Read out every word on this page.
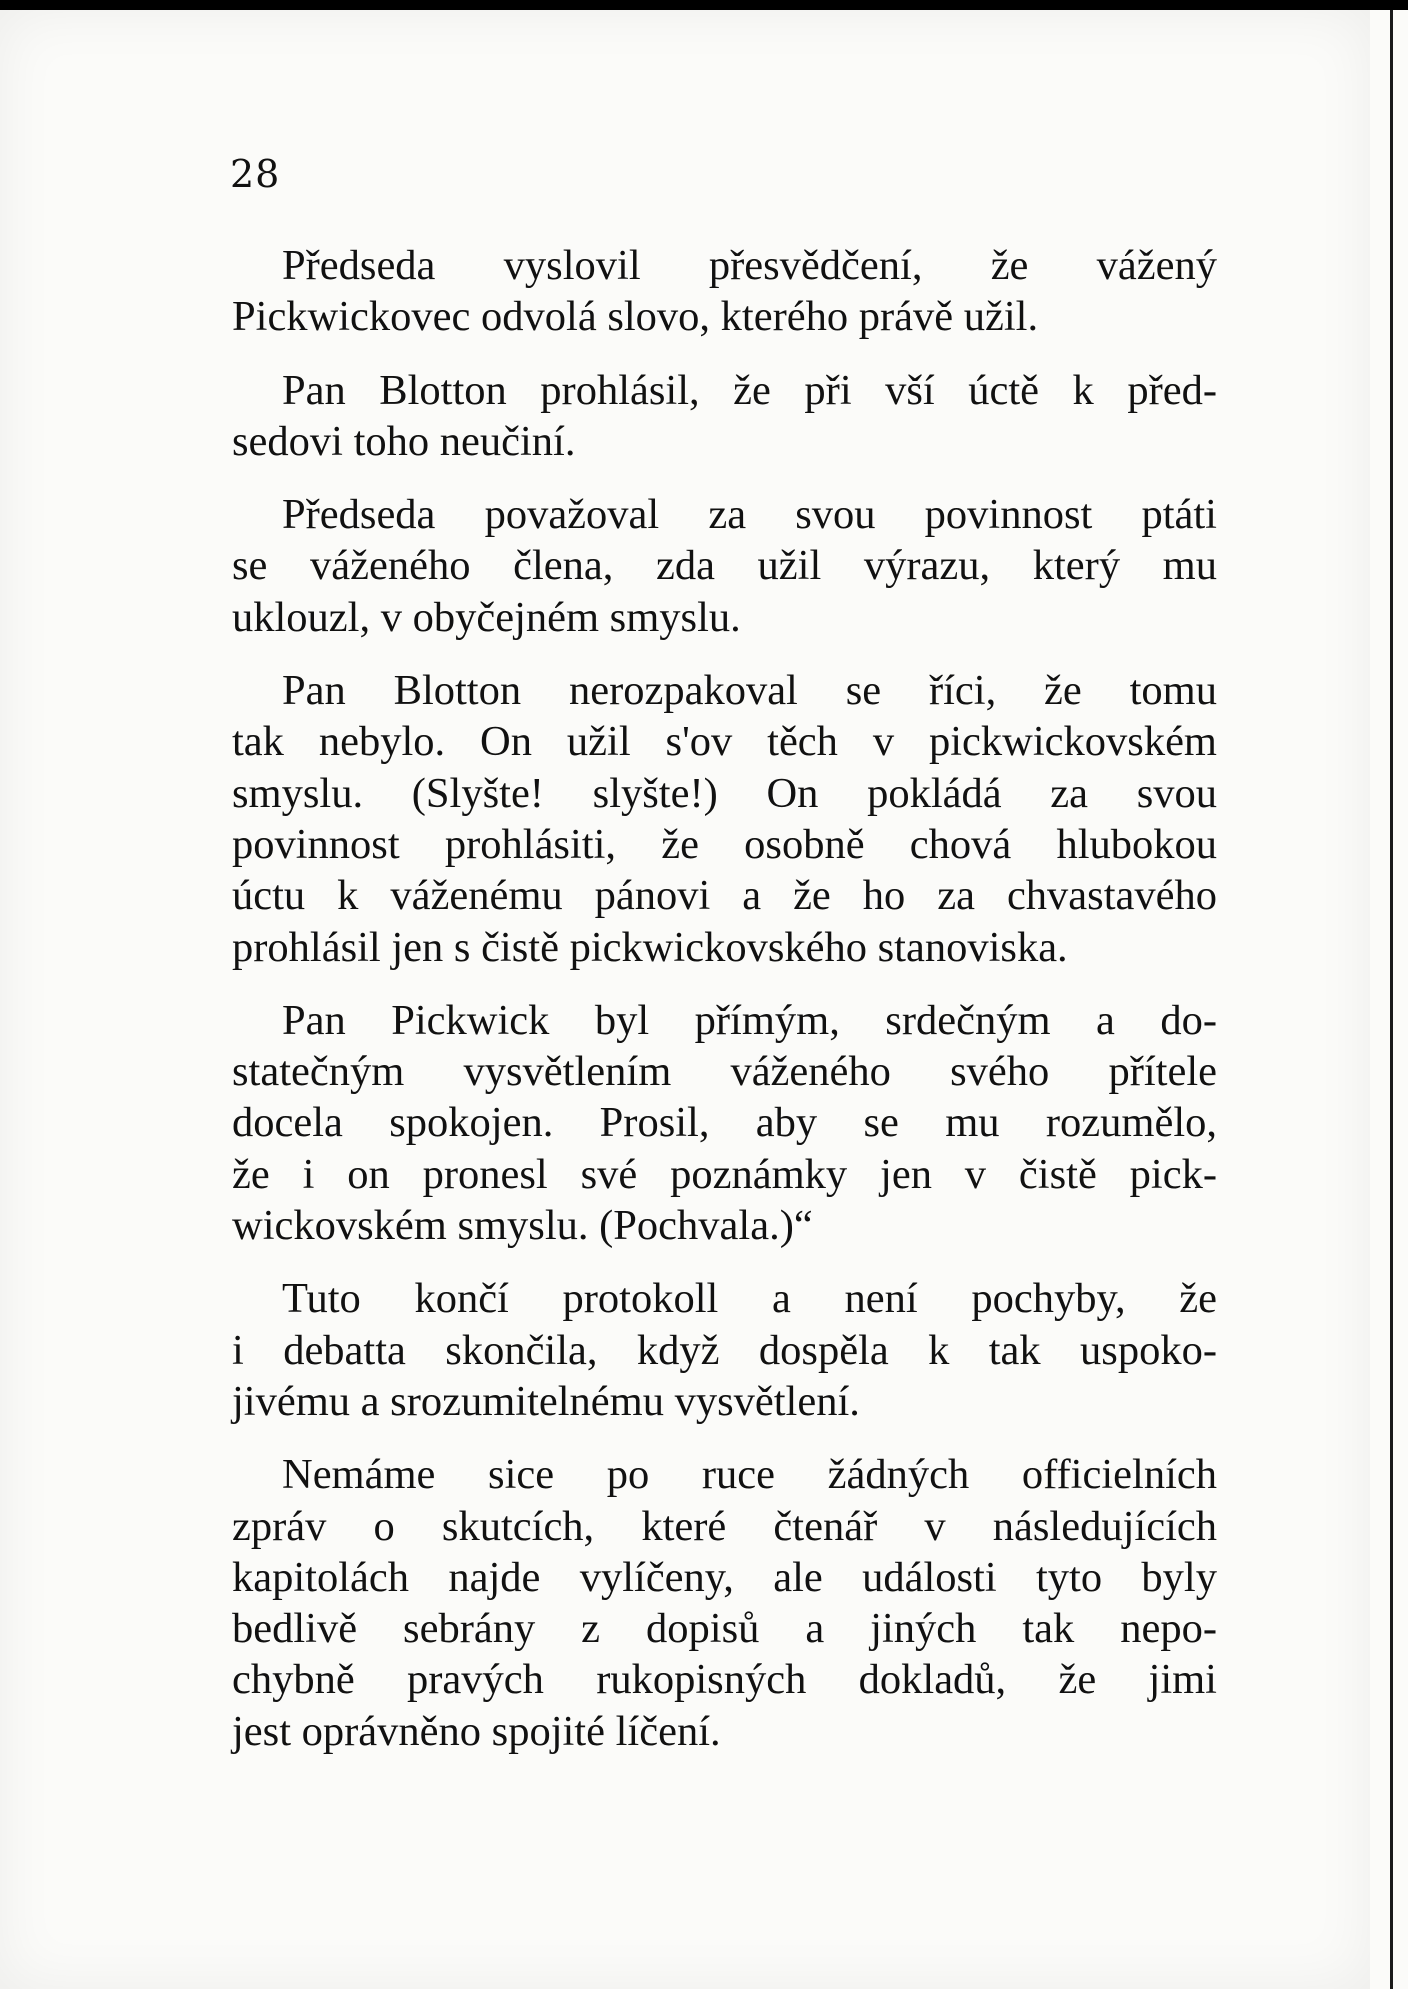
28
Předseda vyslovil přesvědčení, že vážený
Pickwickovec odvolá slovo, kterého právě užil.
Pan Blotton prohlásil, že při vší úctě k před-
sedovi toho neučiní.
Předseda považoval za svou povinnost ptáti
se váženého člena, zda užil výrazu, který mu
uklouzl, v obyčejném smyslu.
Pan Blotton nerozpakoval se říci, že tomu
tak nebylo. On užil s'ov těch v pickwickovském
smyslu. (Slyšte! slyšte!) On pokládá za svou
povinnost prohlásiti, že osobně chová hlubokou
úctu k váženému pánovi a že ho za chvastavého
prohlásil jen s čistě pickwickovského stanoviska.
Pan Pickwick byl přímým, srdečným a do-
statečným vysvětlením váženého svého přítele
docela spokojen. Prosil, aby se mu rozumělo,
že i on pronesl své poznámky jen v čistě pick-
wickovském smyslu. (Pochvala.)“
Tuto končí protokoll a není pochyby, že
i debatta skončila, když dospěla k tak uspoko-
jivému a srozumitelnému vysvětlení.
Nemáme sice po ruce žádných officielních
zpráv o skutcích, které čtenář v následujících
kapitolách najde vylíčeny, ale události tyto byly
bedlivě sebrány z dopisů a jiných tak nepo-
chybně pravých rukopisných dokladů, že jimi
jest oprávněno spojité líčení.
